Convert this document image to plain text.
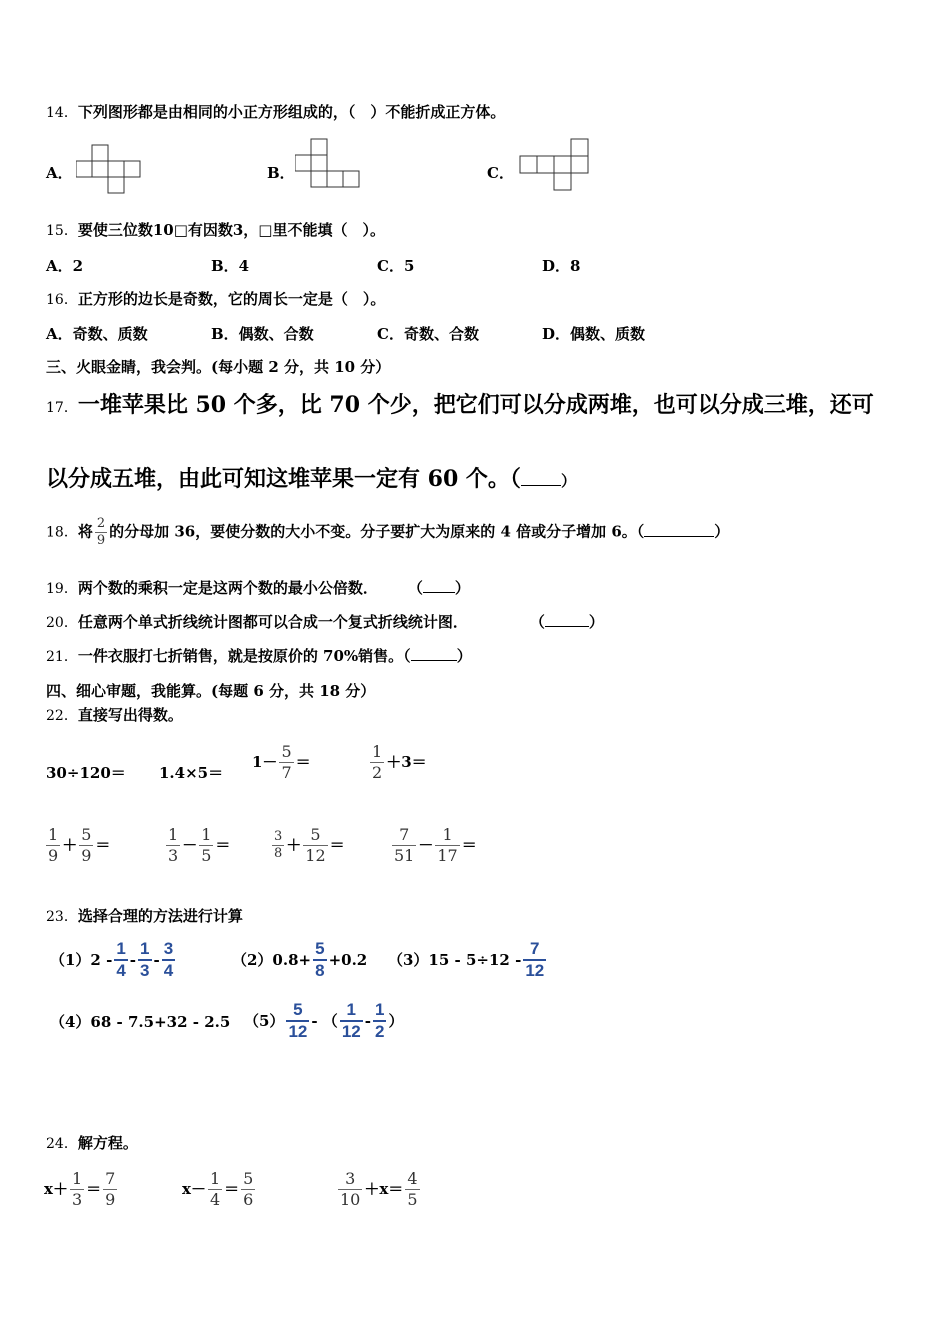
14．下列图形都是由相同的小正方形组成的，（　）不能折成正方体。
A．	B．	C．
15．要使三位数10□有因数3，□里不能填（　）。
A．2	B．4	C．5	D．8
16．正方形的边长是奇数，它的周长一定是（　）。
A．奇数、质数	B．偶数、合数	C．奇数、合数	D．偶数、质数
三、火眼金睛，我会判。(每小题 2 分，共 10 分）
17．一堆苹果比 50 个多，比 70 个少，把它们可以分成两堆，也可以分成三堆，还可
以分成五堆，由此可知这堆苹果一定有 60 个。（	）
18．将 $\frac{2}{9}$ 的分母加 36，要使分数的大小不变。分子要扩大为原来的 4 倍或分子增加 6。（	）
19．两个数的乘积一定是这两个数的最小公倍数． （ ）
20．任意两个单式折线统计图都可以合成一个复式折线统计图．	（	）
21．一件衣服打七折销售，就是按原价的 70%销售。（	）
四、细心审题，我能算。(每题 6 分，共 18 分）
22．直接写出得数。
30÷120＝ 1.4×5＝
$1- \frac{5}{7}$ ＝	$\frac{1}{2} +3=$
$\frac{1}{9} + \frac{5}{9}$ ＝	$\frac{1}{3} - \frac{1}{5}$ ＝	$\frac{3}{8} + \frac{5}{12}$ ＝	$\frac{7}{51} - \frac{1}{17}$ ＝
23．选择合理的方法进行计算
$(1)2 - \frac{1}{4} - \frac{1}{3} - \frac{3}{4}$	$(2)0.8+ \frac{5}{8} +0.2$ $(3)15 - 5\div 12 - \frac{7}{12}$
（4）68 - 7.5+32 - 2.5 $(5) \frac{5}{12}$ - （ $\frac{1}{12} - \frac{1}{2}$ ）
24．解方程。
$x+ \frac{1}{3} = \frac{7}{9}$	$x- \frac{1}{4} = \frac{5}{6}$	$\frac{3}{10} +x= \frac{4}{5}$
